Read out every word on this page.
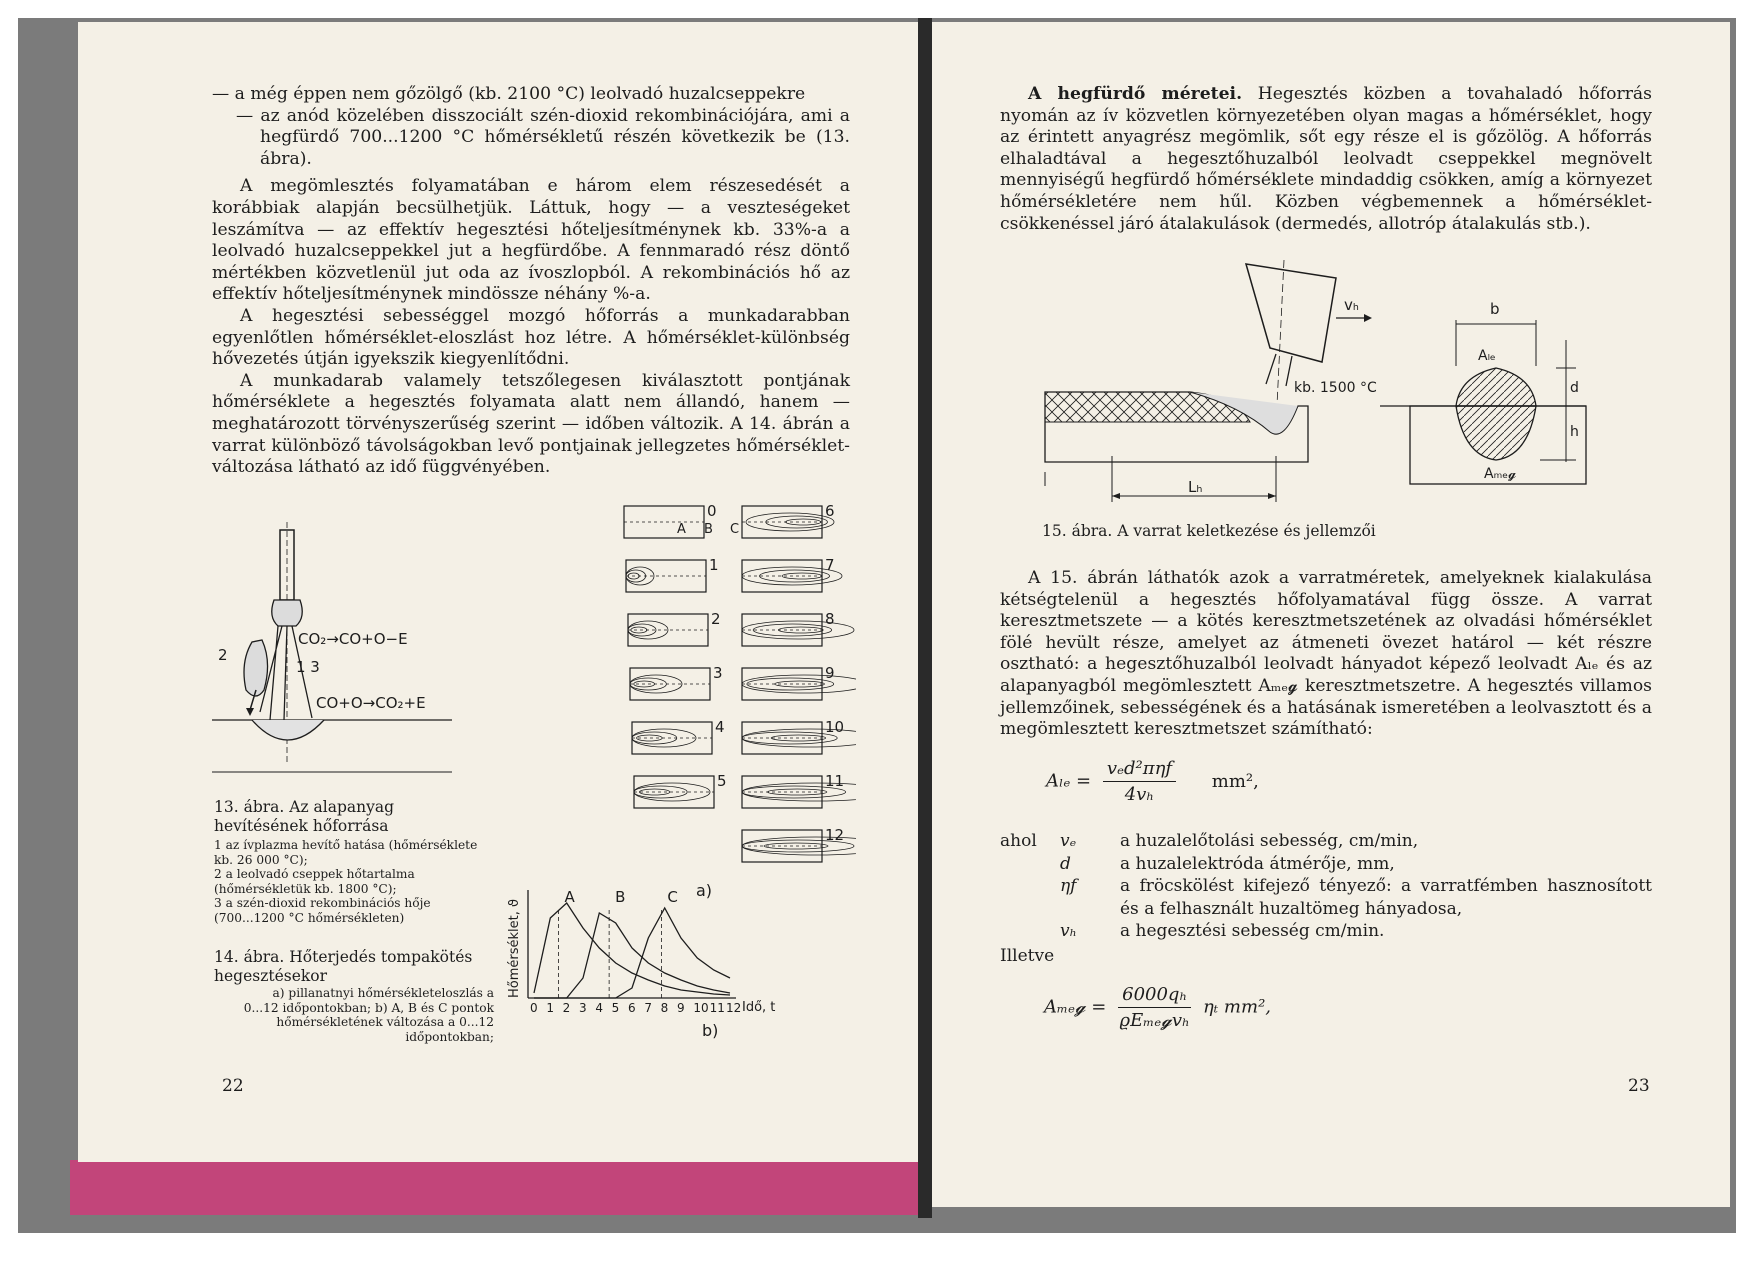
— a még éppen nem gőzölgő (kb. 2100 °C) leolvadó huzalcseppekre

— az anód közelében disszociált szén-dioxid rekombinációjára, ami a hegfürdő 700...1200 °C hőmérsékletű részén következik be (13. ábra).

A megömlesztés folyamatában e három elem részesedését a korábbiak alapján becsülhetjük. Láttuk, hogy — a veszteségeket leszámítva — az effektív hegesztési hőteljesítménynek kb. 33%-a a leolvadó huzalcseppekkel jut a hegfürdőbe. A fennmaradó rész döntő mértékben közvetlenül jut oda az ívoszlopból. A rekombinációs hő az effektív hőteljesítménynek mindössze néhány %-a.

A hegesztési sebességgel mozgó hőforrás a munkadarabban egyenlőtlen hőmérséklet-eloszlást hoz létre. A hőmérséklet-különbség hővezetés útján igyekszik kiegyenlítődni.

A munkadarab valamely tetszőlegesen kiválasztott pontjának hőmérséklete a hegesztés folyamata alatt nem állandó, hanem — meghatározott törvényszerűség szerint — időben változik. A 14. ábrán a varrat különböző távolságokban levő pontjainak jellegzetes hőmérséklet-változása látható az idő függvényében.

CO₂→CO+O−E
1 3
2
CO+O→CO₂+E
13. ábra. Az alapanyag hevítésének hőforrása
1 az ívplazma hevítő hatása (hőmérséklete kb. 26 000 °C);
2 a leolvadó cseppek hőtartalma (hőmérsékletük kb. 1800 °C);
3 a szén-dioxid rekombinációs hője (700...1200 °C hőmérsékleten)
14. ábra. Hőterjedés tompakötés hegesztésekor
a) pillanatnyi hőmérsékleteloszlás a 0...12 időpontokban; b) A, B és C pontok hőmérsékletének változása a 0...12 időpontokban;
0
1
2
3
4
5
6
7
8
9
10
11
12
A B C
a)
Hőmérséklet, ϑ
0 1 2 3 4 5 6 7 8 9 10 11 12
A	B	C
Idő, t
b)
22

A hegfürdő méretei. Hegesztés közben a tovahaladó hőforrás nyomán az ív közvetlen környezetében olyan magas a hőmérséklet, hogy az érintett anyagrész megömlik, sőt egy része el is gőzölög. A hőforrás elhaladtával a hegesztőhuzalból leolvadt cseppekkel megnövelt mennyiségű hegfürdő hőmérséklete mindaddig csökken, amíg a környezet hőmérsékletére nem hűl. Közben végbemennek a hőmérséklet-csökkenéssel járó átalakulások (dermedés, allotróp átalakulás stb.).

vₕ
kb. 1500 °C
Lₕ
b
Aₗₑ
d
h
Aₘₑ𝓰
15. ábra. A varrat keletkezése és jellemzői

A 15. ábrán láthatók azok a varratméretek, amelyeknek kialakulása kétségtelenül a hegesztés hőfolyamatával függ össze. A varrat keresztmetszete — a kötés keresztmetszetének az olvadási hőmérséklet fölé hevült része, amelyet az átmeneti övezet határol — két részre osztható: a hegesztőhuzalból leolvadt hányadot képező leolvadt Aₗₑ és az alapanyagból megömlesztett Aₘₑ𝓰 keresztmetszetre. A hegesztés villamos jellemzőinek, sebességének és a hatásának ismeretében a leolvasztott és a megömlesztett keresztmetszet számítható:

$A_{le} = \frac{\text{vₑd²πηf}}{\text{4vₕ}} mm^2$,
ahol	vₑ	a huzalelőtolási sebesség, cm/min,
d	a huzalelektróda átmérője, mm,
ηf	a fröcskölést kifejező tényező: a varratfémben hasznosított és a felhasznált huzaltömeg hányadosa,
vₕ	a hegesztési sebesség cm/min.
Illetve
Aₘₑ𝓰 = $\frac{\text{6000qₕ}}{\text{ϱEₘₑ𝓰vₕ}}$ ηₜ mm²,
23
